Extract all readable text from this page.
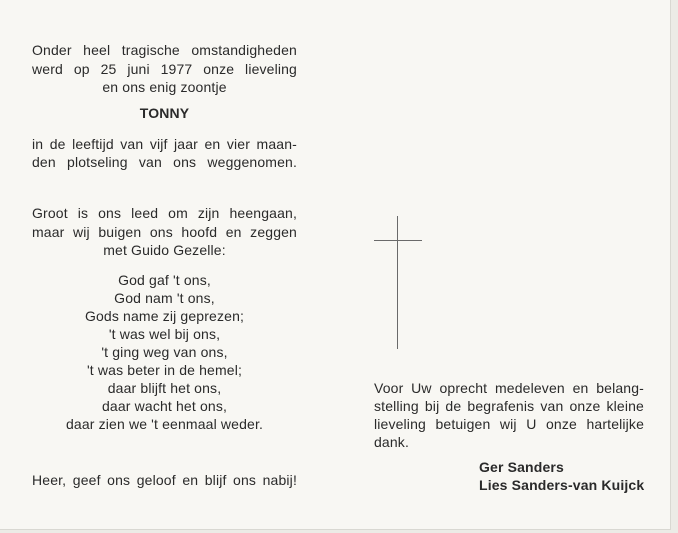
Onder heel tragische omstandigheden
werd op 25 juni 1977 onze lieveling
en ons enig zoontje
TONNY
in de leeftijd van vijf jaar en vier maan-
den plotseling van ons weggenomen.
Groot is ons leed om zijn heengaan,
maar wij buigen ons hoofd en zeggen
met Guido Gezelle:
God gaf 't ons,
God nam 't ons,
Gods name zij geprezen;
't was wel bij ons,
't ging weg van ons,
't was beter in de hemel;
daar blijft het ons,
daar wacht het ons,
daar zien we 't eenmaal weder.
Heer, geef ons geloof en blijf ons nabij!
Voor Uw oprecht medeleven en belang-
stelling bij de begrafenis van onze kleine
lieveling betuigen wij U onze hartelijke
dank.
Ger Sanders
Lies Sanders-van Kuijck
